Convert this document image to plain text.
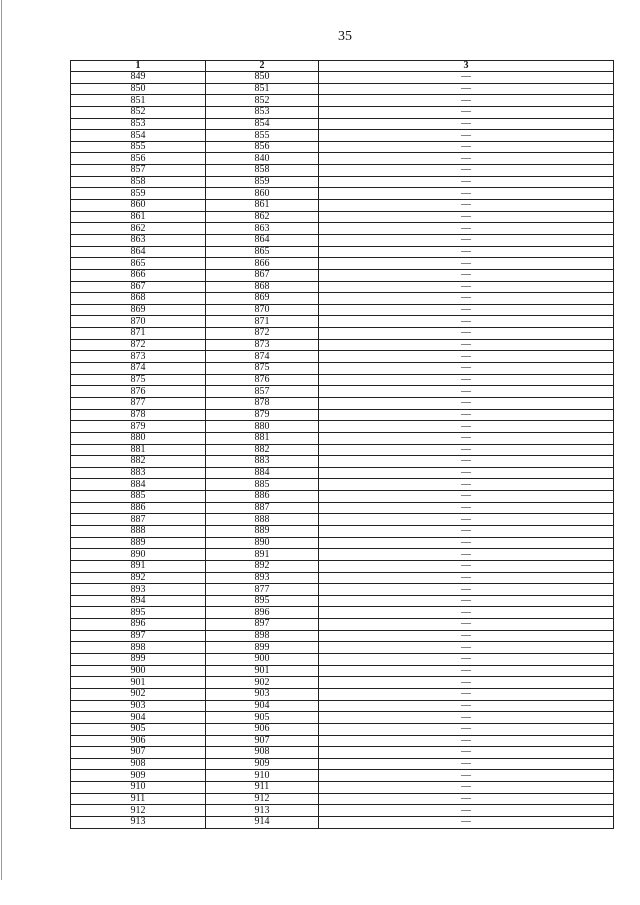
35
1	2	3
849	850	—
850	851	—
851	852	—
852	853	—
853	854	—
854	855	—
855	856	—
856	840	—
857	858	—
858	859	—
859	860	—
860	861	—
861	862	—
862	863	—
863	864	—
864	865	—
865	866	—
866	867	—
867	868	—
868	869	—
869	870	—
870	871	—
871	872	—
872	873	—
873	874	—
874	875	—
875	876	—
876	857	—
877	878	—
878	879	—
879	880	—
880	881	—
881	882	—
882	883	—
883	884	—
884	885	—
885	886	—
886	887	—
887	888	—
888	889	—
889	890	—
890	891	—
891	892	—
892	893	—
893	877	—
894	895	—
895	896	—
896	897	—
897	898	—
898	899	—
899	900	—
900	901	—
901	902	—
902	903	—
903	904	—
904	905	—
905	906	—
906	907	—
907	908	—
908	909	—
909	910	—
910	911	—
911	912	—
912	913	—
913	914	—
